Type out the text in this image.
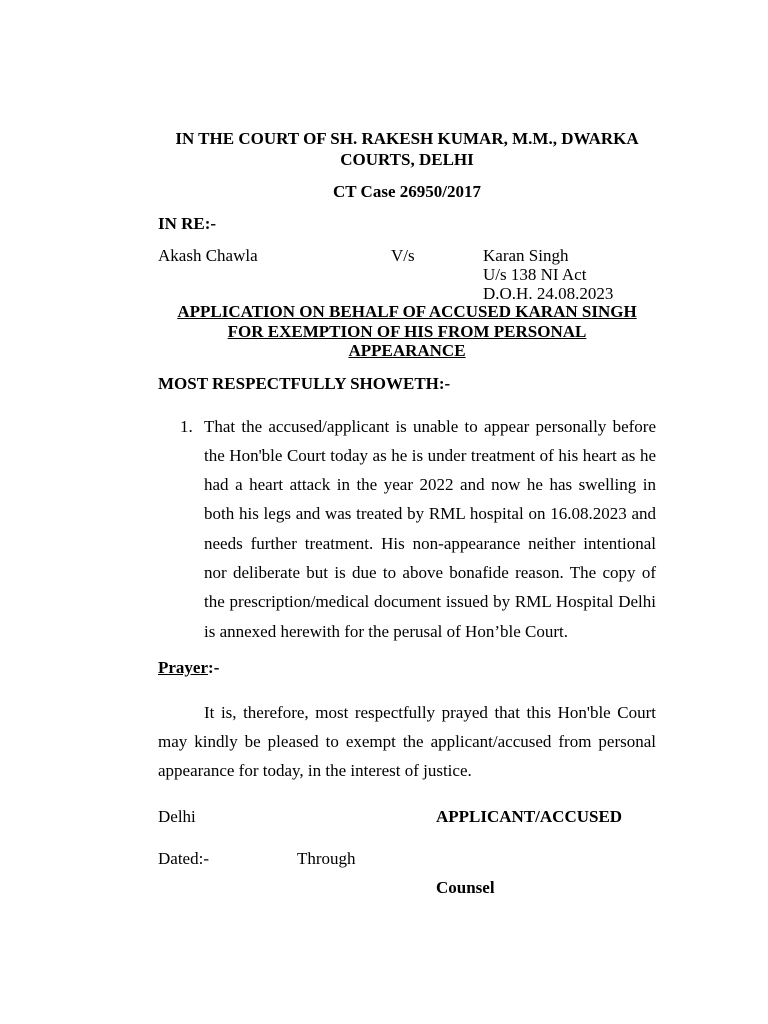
IN THE COURT OF SH. RAKESH KUMAR, M.M., DWARKA
COURTS, DELHI
CT Case 26950/2017
IN RE:-
Akash Chawla	V/s	Karan Singh
U/s 138 NI Act
D.O.H. 24.08.2023
APPLICATION ON BEHALF OF ACCUSED KARAN SINGH
FOR EXEMPTION OF HIS FROM PERSONAL
APPEARANCE
MOST RESPECTFULLY SHOWETH:-
1. That the accused/applicant is unable to appear personally before the Hon'ble Court today as he is under treatment of his heart as he had a heart attack in the year 2022 and now he has swelling in both his legs and was treated by RML hospital on 16.08.2023 and needs further treatment. His non-appearance neither intentional nor deliberate but is due to above bonafide reason. The copy of the prescription/medical document issued by RML Hospital Delhi is annexed herewith for the perusal of Hon’ble Court.
Prayer:-
It is, therefore, most respectfully prayed that this Hon'ble Court may kindly be pleased to exempt the applicant/accused from personal appearance for today, in the interest of justice.
Delhi	APPLICANT/ACCUSED
Dated:-	Through
Counsel
